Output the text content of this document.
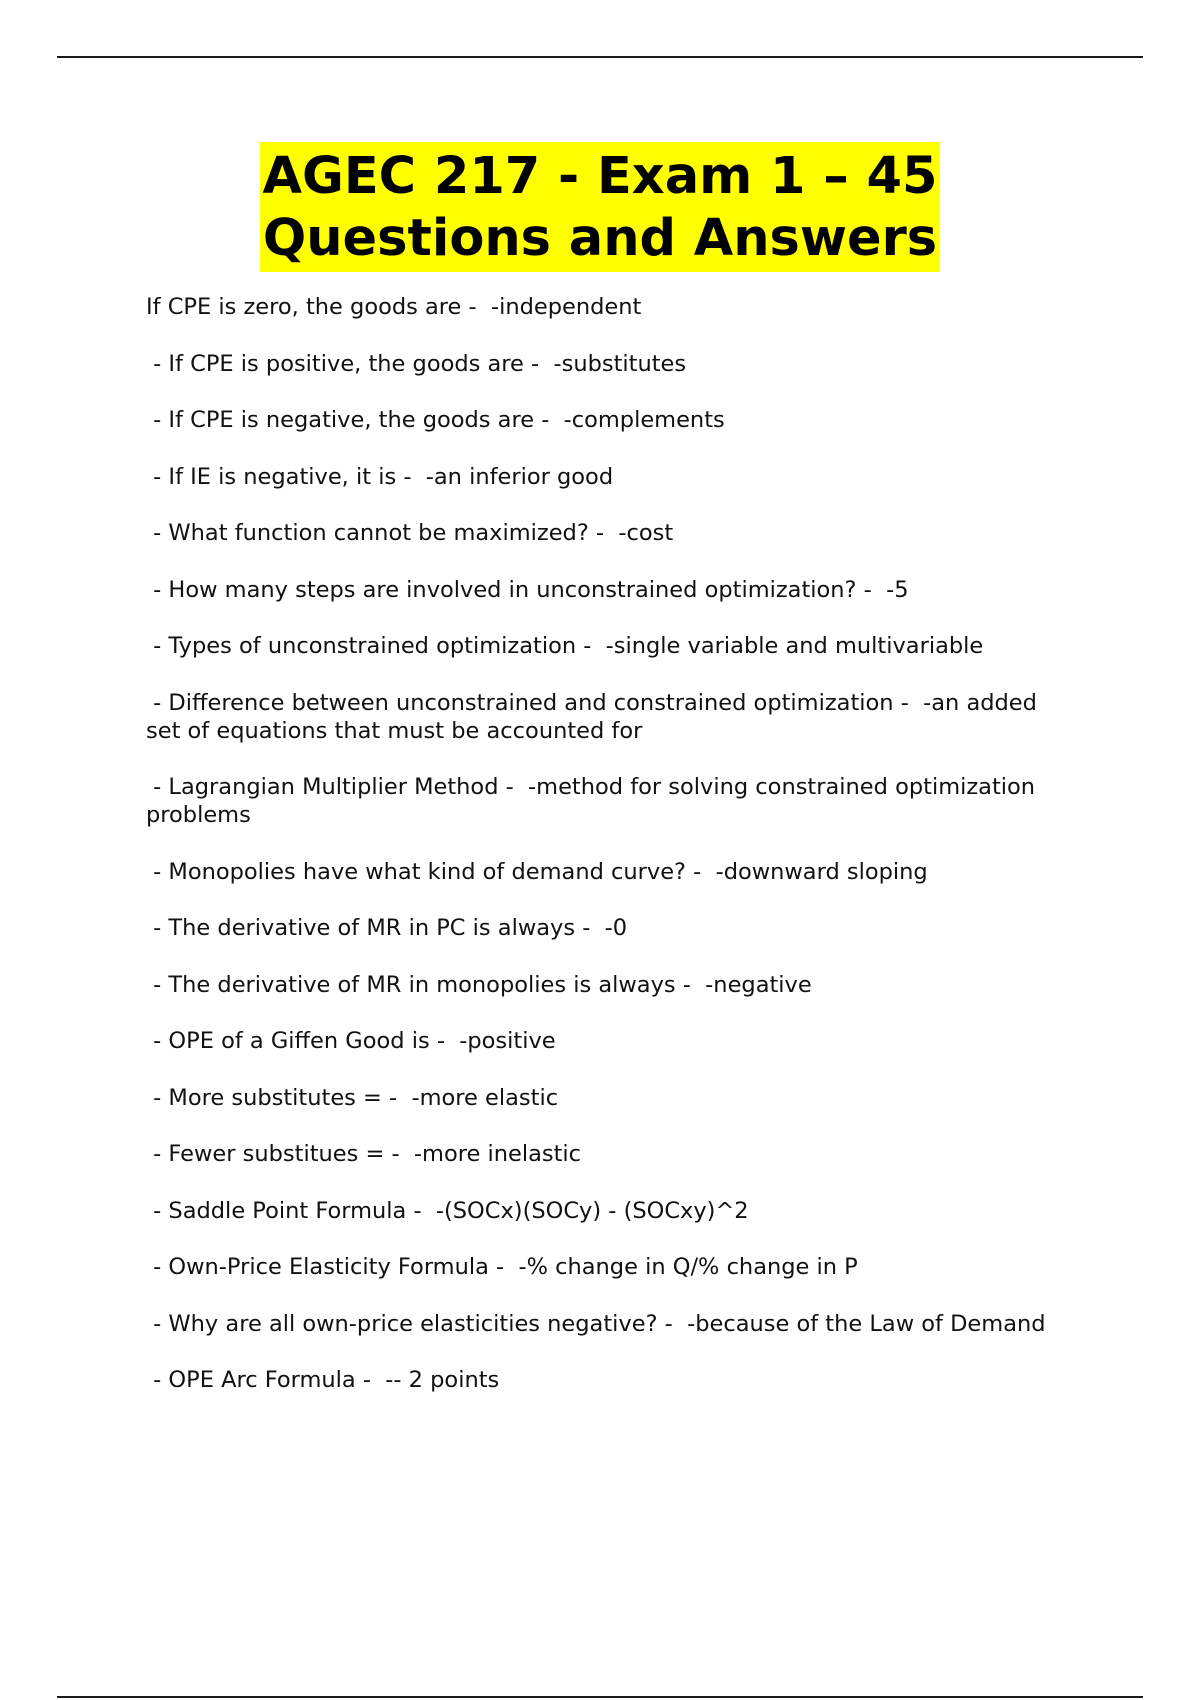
AGEC 217 - Exam 1 – 45
Questions and Answers
If CPE is zero, the goods are -  -independent
- If CPE is positive, the goods are -  -substitutes
- If CPE is negative, the goods are -  -complements
- If IE is negative, it is -  -an inferior good
- What function cannot be maximized? -  -cost
- How many steps are involved in unconstrained optimization? -  -5
- Types of unconstrained optimization -  -single variable and multivariable
- Difference between unconstrained and constrained optimization -  -an added set of equations that must be accounted for
- Lagrangian Multiplier Method -  -method for solving constrained optimization problems
- Monopolies have what kind of demand curve? -  -downward sloping
- The derivative of MR in PC is always -  -0
- The derivative of MR in monopolies is always -  -negative
- OPE of a Giffen Good is -  -positive
- More substitutes = -  -more elastic
- Fewer substitues = -  -more inelastic
- Saddle Point Formula -  -(SOCx)(SOCy) - (SOCxy)^2
- Own-Price Elasticity Formula -  -% change in Q/% change in P
- Why are all own-price elasticities negative? -  -because of the Law of Demand
- OPE Arc Formula -  -- 2 points
